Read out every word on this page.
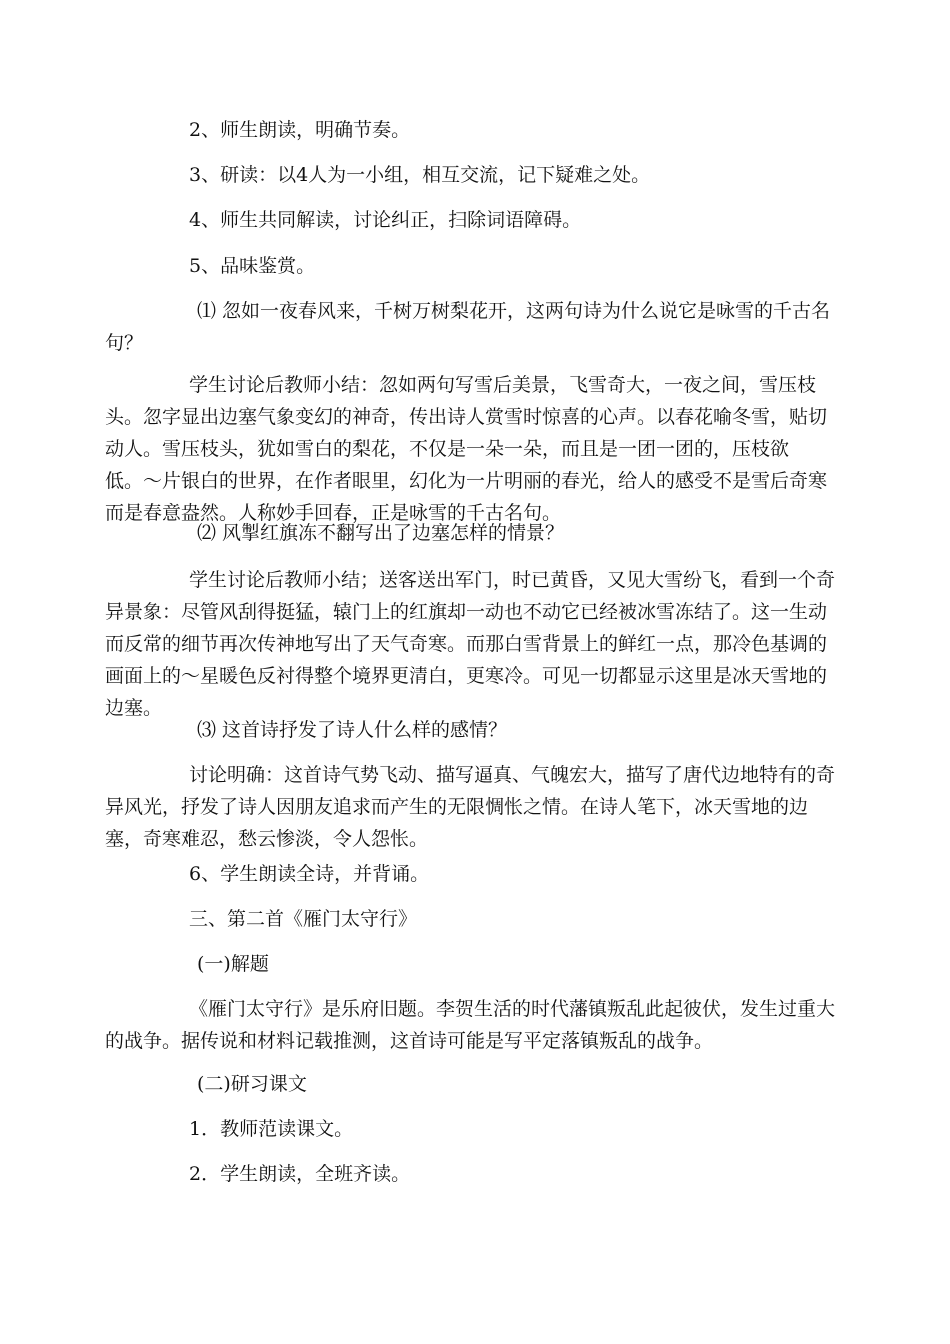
2、师生朗读，明确节奏。

3、研读：以4人为一小组，相互交流，记下疑难之处。

4、师生共同解读，讨论纠正，扫除词语障碍。

5、品味鉴赏。

⑴ 忽如一夜春风来，千树万树梨花开，这两句诗为什么说它是咏雪的千古名句？

学生讨论后教师小结：忽如两句写雪后美景，飞雪奇大，一夜之间，雪压枝头。忽字显出边塞气象变幻的神奇，传出诗人赏雪时惊喜的心声。以春花喻冬雪，贴切动人。雪压枝头，犹如雪白的梨花，不仅是一朵一朵，而且是一团一团的，压枝欲低。〜片银白的世界，在作者眼里，幻化为一片明丽的春光，给人的感受不是雪后奇寒而是春意盎然。人称妙手回春，正是咏雪的千古名句。

⑵ 风掣红旗冻不翻写出了边塞怎样的情景？

学生讨论后教师小结；送客送出军门，时已黄昏，又见大雪纷飞，看到一个奇异景象：尽管风刮得挺猛，辕门上的红旗却一动也不动它已经被冰雪冻结了。这一生动而反常的细节再次传神地写出了天气奇寒。而那白雪背景上的鲜红一点，那冷色基调的画面上的〜星暖色反衬得整个境界更清白，更寒冷。可见一切都显示这里是冰天雪地的边塞。

⑶ 这首诗抒发了诗人什么样的感情？

讨论明确：这首诗气势飞动、描写逼真、气魄宏大，描写了唐代边地特有的奇异风光，抒发了诗人因朋友追求而产生的无限惆怅之情。在诗人笔下，冰天雪地的边塞，奇寒难忍，愁云惨淡，令人怨怅。

6、学生朗读全诗，并背诵。

三、第二首《雁门太守行》

(一)解题

《雁门太守行》是乐府旧题。李贺生活的时代藩镇叛乱此起彼伏，发生过重大的战争。据传说和材料记载推测，这首诗可能是写平定落镇叛乱的战争。

(二)研习课文

1．教师范读课文。

2．学生朗读，全班齐读。
